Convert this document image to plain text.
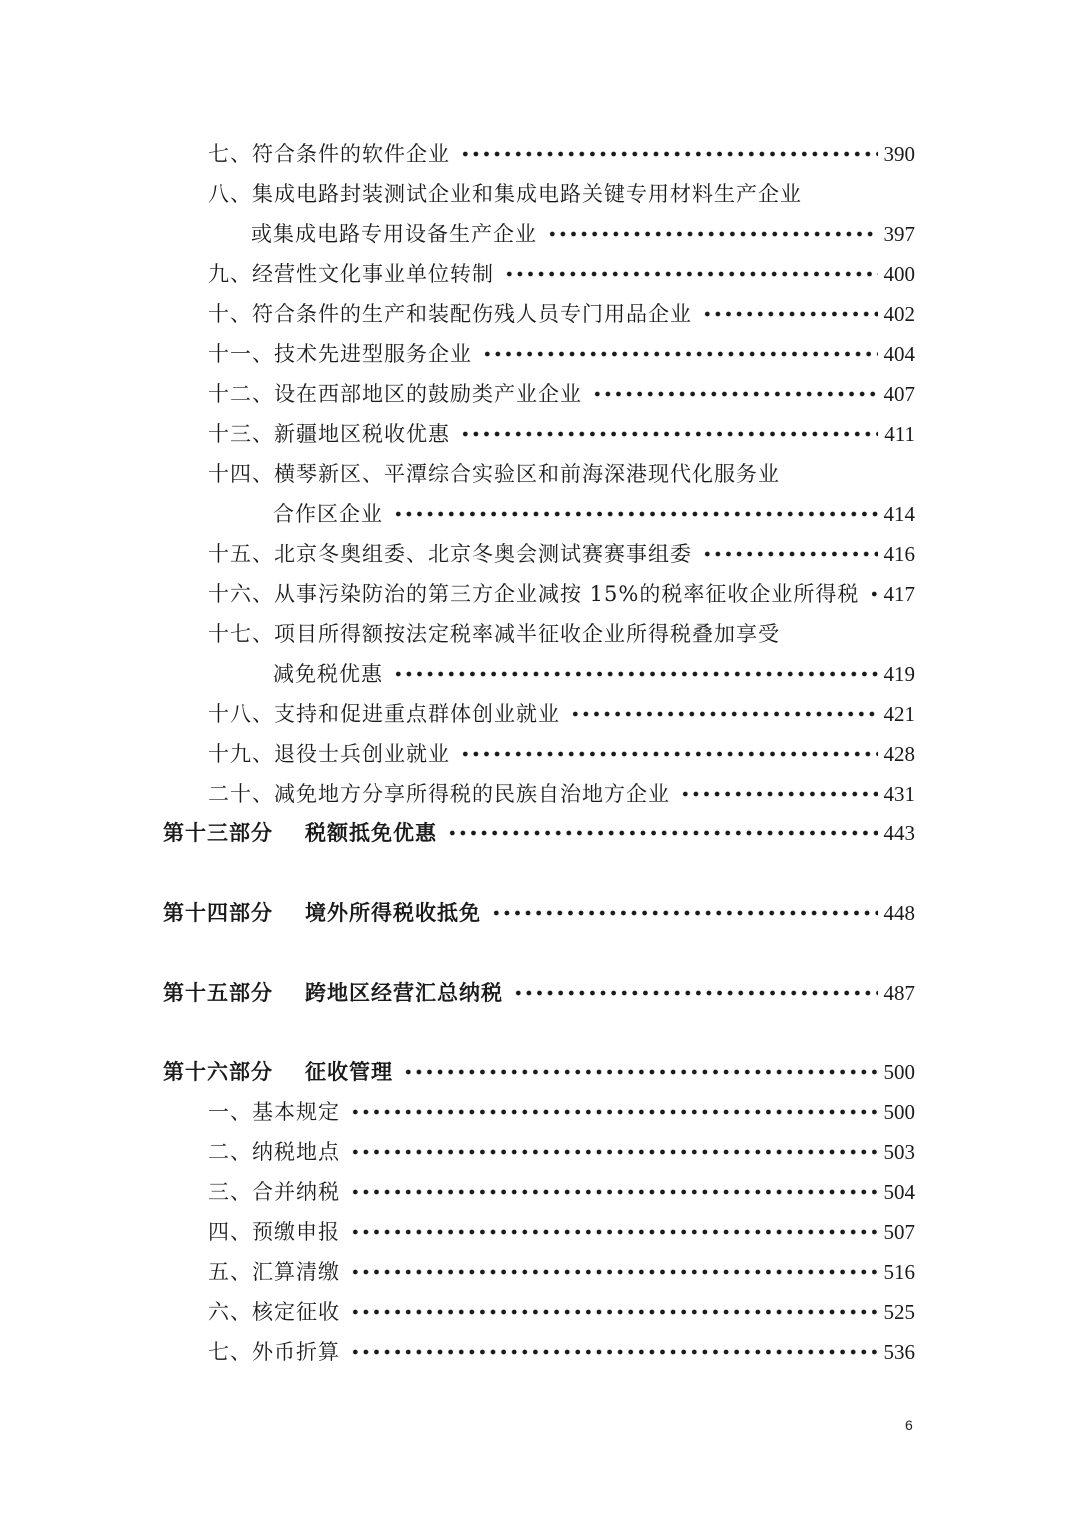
七、符合条件的软件企业	390
八、集成电路封装测试企业和集成电路关键专用材料生产企业
或集成电路专用设备生产企业	397
九、经营性文化事业单位转制	400
十、符合条件的生产和装配伤残人员专门用品企业	402
十一、技术先进型服务企业	404
十二、设在西部地区的鼓励类产业企业	407
十三、新疆地区税收优惠	411
十四、横琴新区、平潭综合实验区和前海深港现代化服务业
合作区企业	414
十五、北京冬奥组委、北京冬奥会测试赛赛事组委	416
十六、从事污染防治的第三方企业减按 15%的税率征收企业所得税 417
十七、项目所得额按法定税率减半征收企业所得税叠加享受
减免税优惠	419
十八、支持和促进重点群体创业就业	421
十九、退役士兵创业就业	428
二十、减免地方分享所得税的民族自治地方企业	431
第十三部分 税额抵免优惠	443
第十四部分 境外所得税收抵免	448
第十五部分 跨地区经营汇总纳税	487
第十六部分 征收管理	500
一、基本规定	500
二、纳税地点	503
三、合并纳税	504
四、预缴申报	507
五、汇算清缴	516
六、核定征收	525
七、外币折算	536
6
